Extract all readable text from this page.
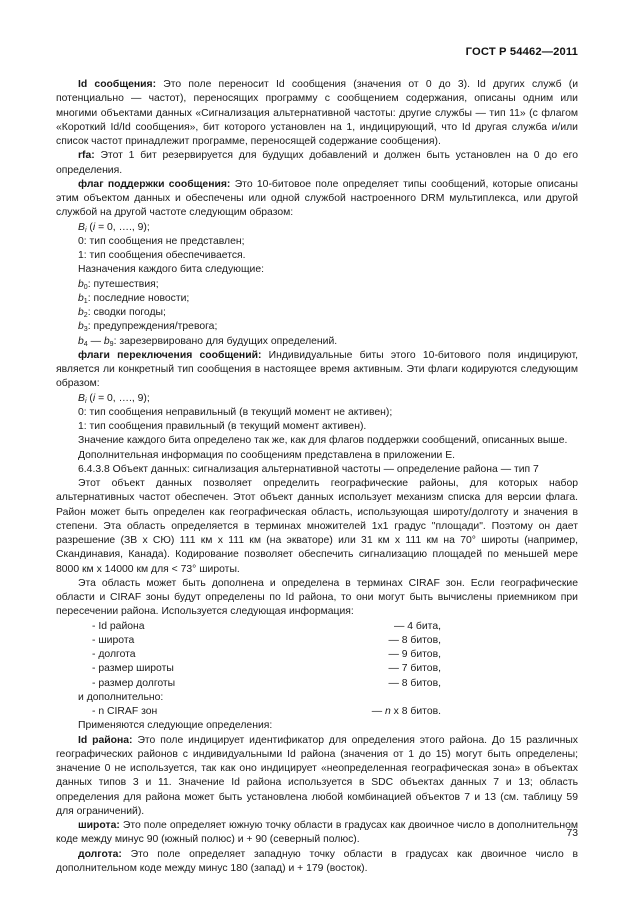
ГОСТ Р 54462—2011

Id сообщения: Это поле переносит Id сообщения (значения от 0 до 3). Id других служб (и потенциально — частот), переносящих программу с сообщением содержания, описаны одним или многими объектами данных «Сигнализация альтернативной частоты: другие службы — тип 11» (с флагом «Короткий Id/Id сообщения», бит которого установлен на 1, индицирующий, что Id другая служба и/или список частот принадлежит программе, переносящей содержание сообщения).

rfa: Этот 1 бит резервируется для будущих добавлений и должен быть установлен на 0 до его определения.

флаг поддержки сообщения: Это 10-битовое поле определяет типы сообщений, которые описаны этим объектом данных и обеспечены или одной службой настроенного DRM мультиплекса, или другой службой на другой частоте следующим образом:

$B_i$ (i = 0, …., 9);

0: тип сообщения не представлен;

1: тип сообщения обеспечивается.

Назначения каждого бита следующие:

$b_0$: путешествия;

$b_1$: последние новости;

$b_2$: сводки погоды;

$b_3$: предупреждения/тревога;

$b_4$ — $b_9$: зарезервировано для будущих определений.

флаги переключения сообщений: Индивидуальные биты этого 10-битового поля индицируют, является ли конкретный тип сообщения в настоящее время активным. Эти флаги кодируются следующим образом:

$B_i$ (i = 0, …., 9);

0: тип сообщения неправильный (в текущий момент не активен);

1: тип сообщения правильный (в текущий момент активен).

Значение каждого бита определено так же, как для флагов поддержки сообщений, описанных выше.

Дополнительная информация по сообщениям представлена в приложении Е.

6.4.3.8 Объект данных: сигнализация альтернативной частоты — определение района — тип 7

Этот объект данных позволяет определить географические районы, для которых набор альтернативных частот обеспечен. Этот объект данных использует механизм списка для версии флага. Район может быть определен как географическая область, использующая широту/долготу и значения в степени. Эта область определяется в терминах множителей 1х1 градус "площади". Поэтому он дает разрешение (ЗВ х СЮ) 111 км х 111 км (на экваторе) или 31 км х 111 км на 70° широты (например, Скандинавия, Канада). Кодирование позволяет обеспечить сигнализацию площадей по меньшей мере 8000 км х 14000 км для < 73° широты.

Эта область может быть дополнена и определена в терминах CIRAF зон. Если географические области и CIRAF зоны будут определены по Id района, то они могут быть вычислены приемником при пересечении района. Используется следующая информация:

- Id района	— 4 бита,
- широта	— 8 битов,
- долгота	— 9 битов,
- размер широты	— 7 битов,
- размер долготы	— 8 битов,
и дополнительно:
- n CIRAF зон	— n х 8 битов.

Применяются следующие определения:

Id района: Это поле индицирует идентификатор для определения этого района. До 15 различных географических районов с индивидуальными Id района (значения от 1 до 15) могут быть определены; значение 0 не используется, так как оно индицирует «неопределенная географическая зона» в объектах данных типов 3 и 11. Значение Id района используется в SDC объектах данных 7 и 13; область определения для района может быть установлена любой комбинацией объектов 7 и 13 (см. таблицу 59 для ограничений).

широта: Это поле определяет южную точку области в градусах как двоичное число в дополнительном коде между минус 90 (южный полюс) и + 90 (северный полюс).

долгота: Это поле определяет западную точку области в градусах как двоичное число в дополнительном коде между минус 180 (запад) и + 179 (восток).

73
